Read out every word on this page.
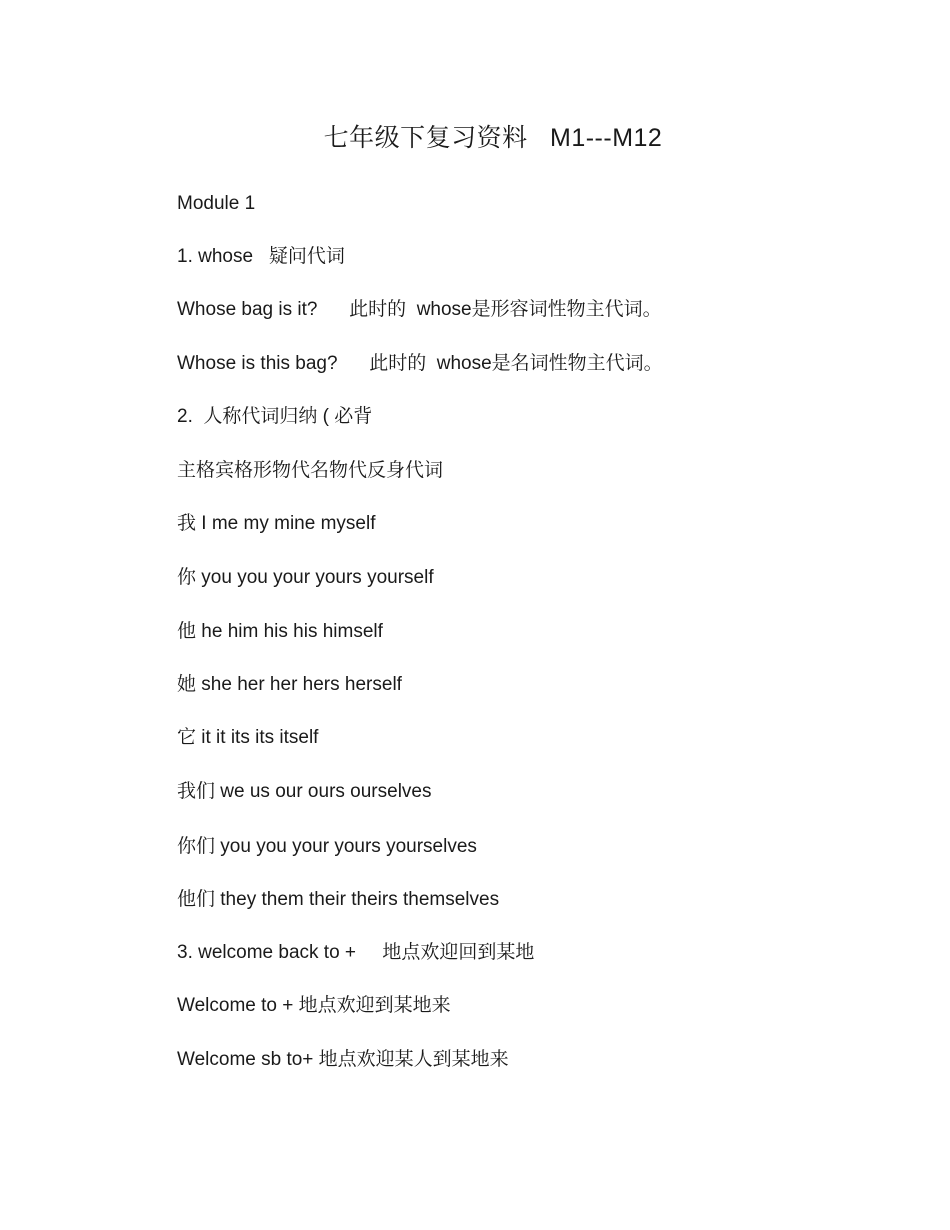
七年级下复习资料   M1---M12
Module 1
1. whose   疑问代词
Whose bag is it?      此时的  whose是形容词性物主代词。
Whose is this bag?      此时的  whose是名词性物主代词。
2.  人称代词归纳 ( 必背
主格宾格形物代名物代反身代词
我 I me my mine myself
你 you you your yours yourself
他 he him his his himself
她 she her her hers herself
它 it it its its itself
我们 we us our ours ourselves
你们 you you your yours yourselves
他们 they them their theirs themselves
3. welcome back to +     地点欢迎回到某地
Welcome to + 地点欢迎到某地来
Welcome sb to+ 地点欢迎某人到某地来
